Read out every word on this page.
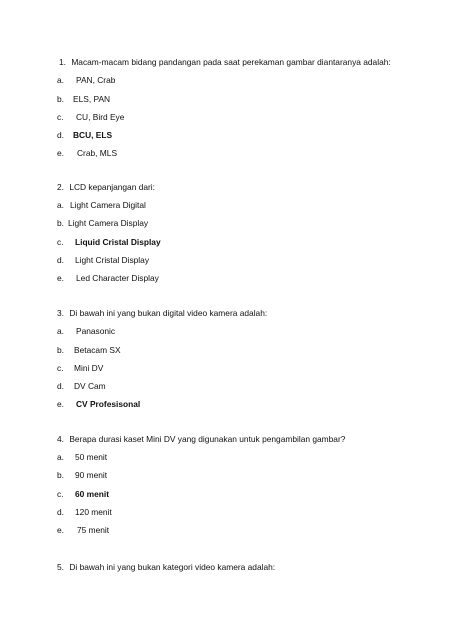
1. Macam-macam bidang pandangan pada saat perekaman gambar diantaranya adalah:
a. PAN, Crab
b. ELS, PAN
c. CU, Bird Eye
d. BCU, ELS
e. Crab, MLS
2. LCD kepanjangan dari:
a. Light Camera Digital
b. Light Camera Display
c. Liquid Cristal Display
d. Light Cristal Display
e. Led Character Display
3. Di bawah ini yang bukan digital video kamera adalah:
a. Panasonic
b. Betacam SX
c. Mini DV
d. DV Cam
e. CV Profesisonal
4. Berapa durasi kaset Mini DV yang digunakan untuk pengambilan gambar?
a. 50 menit
b. 90 menit
c. 60 menit
d. 120 menit
e. 75 menit
5. Di bawah ini yang bukan kategori video kamera adalah:
